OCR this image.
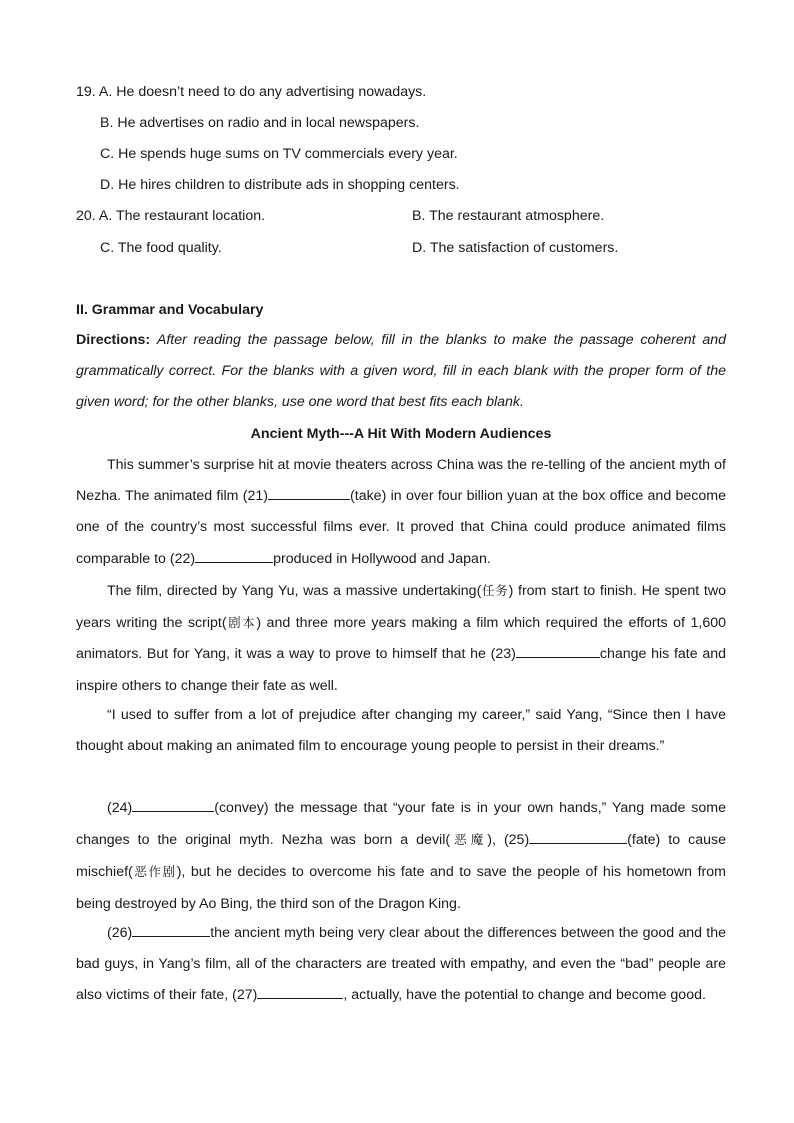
19. A. He doesn’t need to do any advertising nowadays.
B. He advertises on radio and in local newspapers.
C. He spends huge sums on TV commercials every year.
D. He hires children to distribute ads in shopping centers.
20. A. The restaurant location.	B. The restaurant atmosphere.
C. The food quality.	D. The satisfaction of customers.
II. Grammar and Vocabulary
Directions: After reading the passage below, fill in the blanks to make the passage coherent and grammatically correct. For the blanks with a given word, fill in each blank with the proper form of the given word; for the other blanks, use one word that best fits each blank.
Ancient Myth---A Hit With Modern Audiences
This summer’s surprise hit at movie theaters across China was the re-telling of the ancient myth of Nezha. The animated film (21)	(take) in over four billion yuan at the box office and become one of the country’s most successful films ever. It proved that China could produce animated films comparable to (22)	produced in Hollywood and Japan.
The film, directed by Yang Yu, was a massive undertaking(任务) from start to finish. He spent two years writing the script(剧本) and three more years making a film which required the efforts of 1,600 animators. But for Yang, it was a way to prove to himself that he (23)	change his fate and inspire others to change their fate as well.
“I used to suffer from a lot of prejudice after changing my career,” said Yang, “Since then I have thought about making an animated film to encourage young people to persist in their dreams.”
(24)	(convey) the message that “your fate is in your own hands,” Yang made some changes to the original myth. Nezha was born a devil(恶魔), (25)	(fate) to cause mischief(恶作剧), but he decides to overcome his fate and to save the people of his hometown from being destroyed by Ao Bing, the third son of the Dragon King.
(26)	the ancient myth being very clear about the differences between the good and the bad guys, in Yang’s film, all of the characters are treated with empathy, and even the “bad” people are also victims of their fate, (27)	, actually, have the potential to change and become good.
